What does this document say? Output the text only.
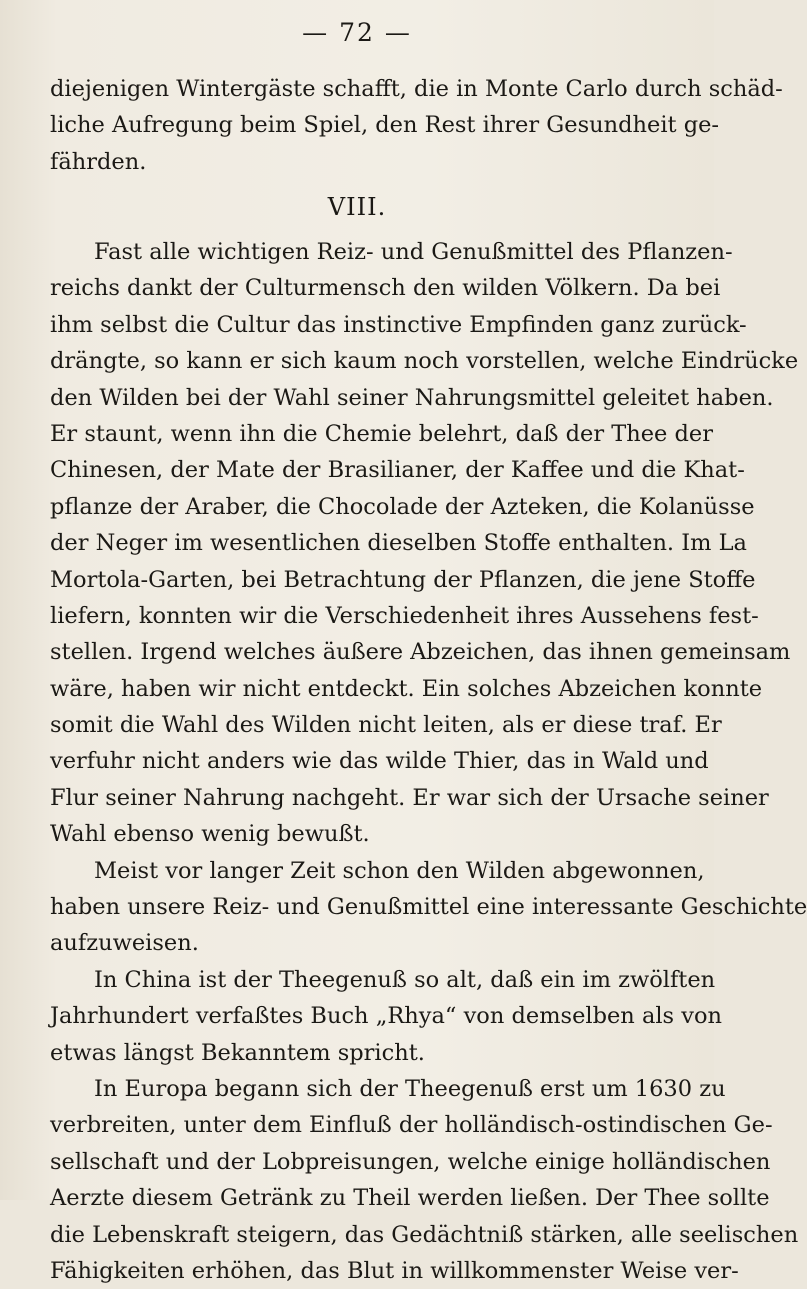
— 72 —
diejenigen Wintergäste schafft, die in Monte Carlo durch schäd-
liche Aufregung beim Spiel, den Rest ihrer Gesundheit ge-
fährden.
VIII.
Fast alle wichtigen Reiz- und Genußmittel des Pflanzen-
reichs dankt der Culturmensch den wilden Völkern. Da bei
ihm selbst die Cultur das instinctive Empfinden ganz zurück-
drängte, so kann er sich kaum noch vorstellen, welche Eindrücke
den Wilden bei der Wahl seiner Nahrungsmittel geleitet haben.
Er staunt, wenn ihn die Chemie belehrt, daß der Thee der
Chinesen, der Mate der Brasilianer, der Kaffee und die Khat-
pflanze der Araber, die Chocolade der Azteken, die Kolanüsse
der Neger im wesentlichen dieselben Stoffe enthalten. Im La
Mortola-Garten, bei Betrachtung der Pflanzen, die jene Stoffe
liefern, konnten wir die Verschiedenheit ihres Aussehens fest-
stellen. Irgend welches äußere Abzeichen, das ihnen gemeinsam
wäre, haben wir nicht entdeckt. Ein solches Abzeichen konnte
somit die Wahl des Wilden nicht leiten, als er diese traf. Er
verfuhr nicht anders wie das wilde Thier, das in Wald und
Flur seiner Nahrung nachgeht. Er war sich der Ursache seiner
Wahl ebenso wenig bewußt.
Meist vor langer Zeit schon den Wilden abgewonnen,
haben unsere Reiz- und Genußmittel eine interessante Geschichte
aufzuweisen.
In China ist der Theegenuß so alt, daß ein im zwölften
Jahrhundert verfaßtes Buch „Rhya“ von demselben als von
etwas längst Bekanntem spricht.
In Europa begann sich der Theegenuß erst um 1630 zu
verbreiten, unter dem Einfluß der holländisch-ostindischen Ge-
sellschaft und der Lobpreisungen, welche einige holländischen
Aerzte diesem Getränk zu Theil werden ließen. Der Thee sollte
die Lebenskraft steigern, das Gedächtniß stärken, alle seelischen
Fähigkeiten erhöhen, das Blut in willkommenster Weise ver-
